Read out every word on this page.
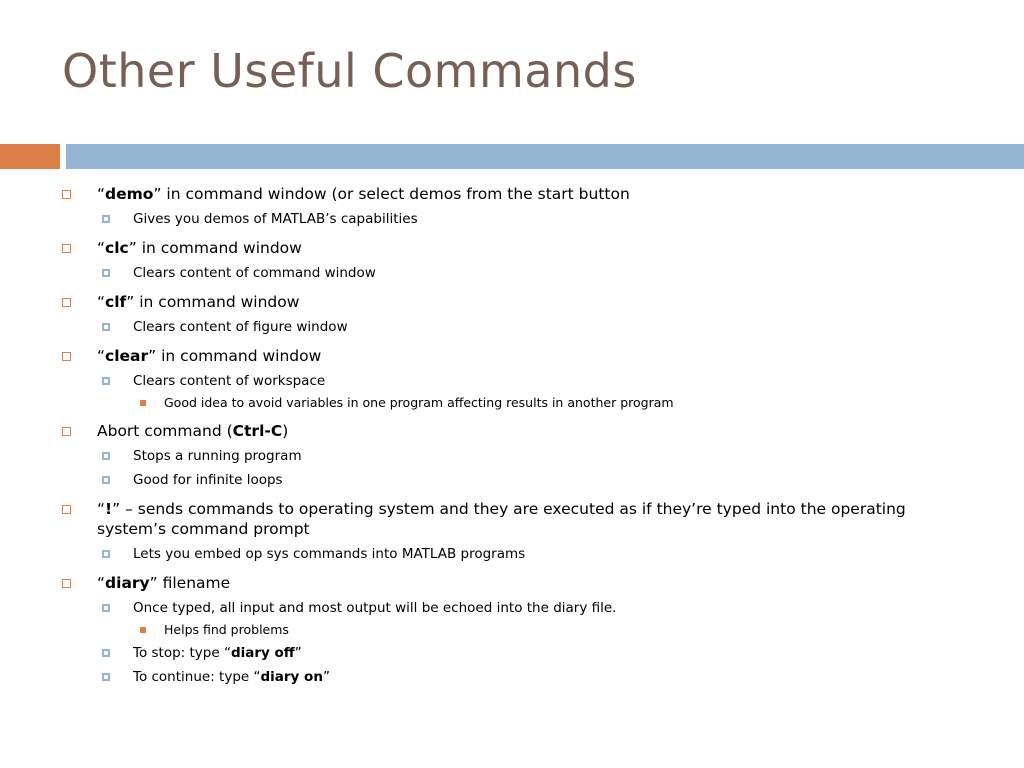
Other Useful Commands
“demo” in command window (or select demos from the start button
Gives you demos of MATLAB’s capabilities
“clc” in command window
Clears content of command window
“clf” in command window
Clears content of figure window
“clear” in command window
Clears content of workspace
Good idea to avoid variables in one program affecting results in another program
Abort command (Ctrl-C)
Stops a running program
Good for infinite loops
“!” – sends commands to operating system and they are executed as if they’re typed into the operating system’s command prompt
Lets you embed op sys commands into MATLAB programs
“diary” filename
Once typed, all input and most output will be echoed into the diary file.
Helps find problems
To stop: type “diary off”
To continue: type “diary on”
